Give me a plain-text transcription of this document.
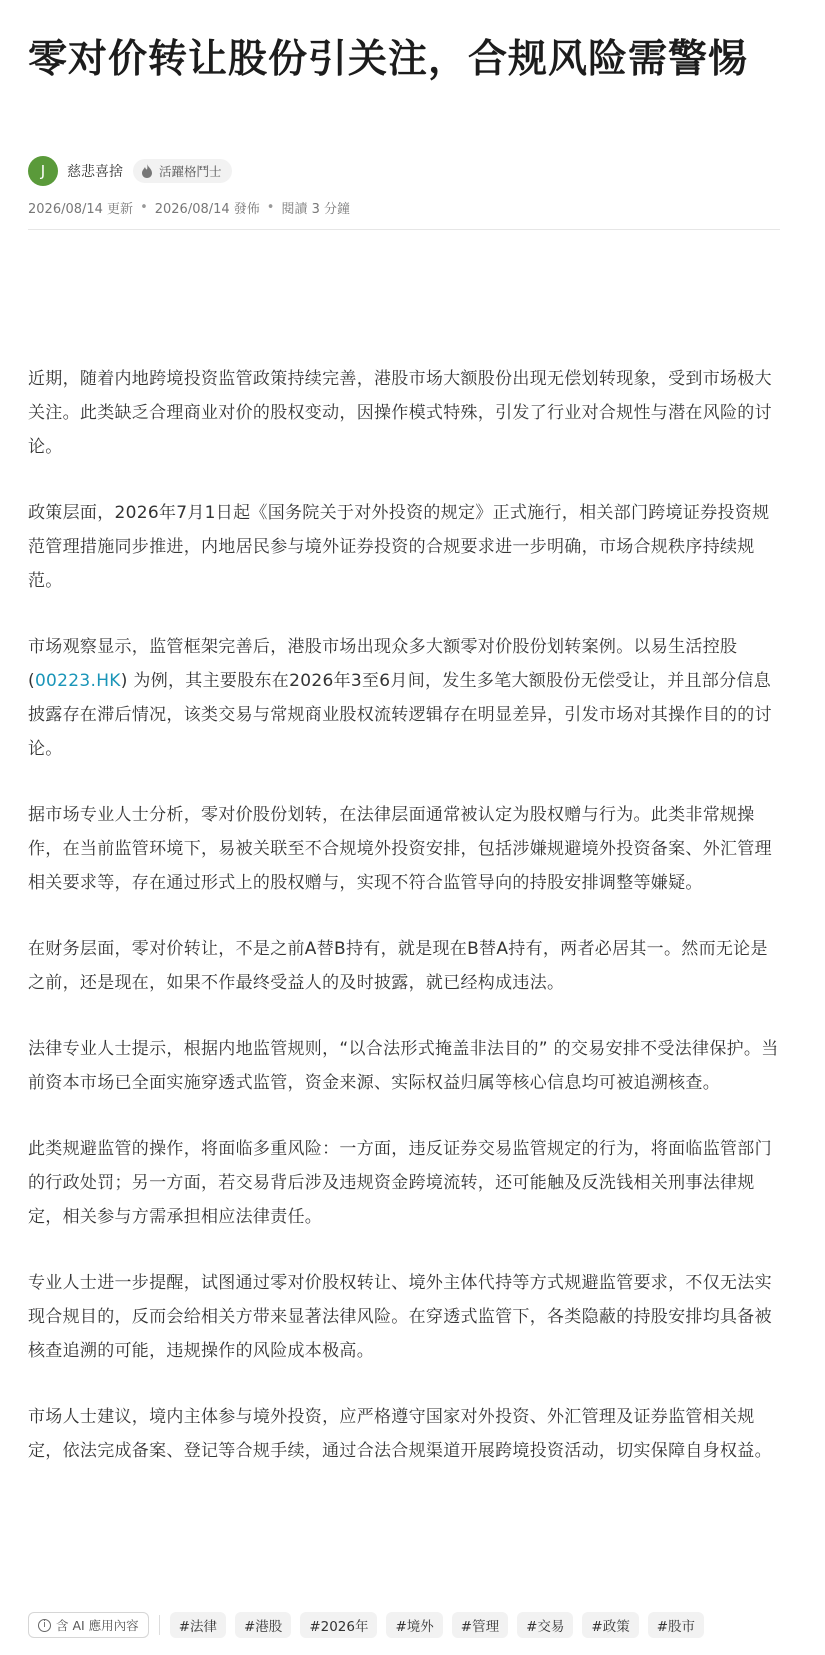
零对价转让股份引关注，合规风险需警惕
J	慈悲喜捨	活躍格鬥士
2026/08/14 更新 • 2026/08/14 發佈 • 閱讀 3 分鐘

近期，随着内地跨境投资监管政策持续完善，港股市场大额股份出现无偿划转现象，受到市场极大关注。此类缺乏合理商业对价的股权变动，因操作模式特殊，引发了行业对合规性与潜在风险的讨论。

政策层面，2026年7月1日起《国务院关于对外投资的规定》正式施行，相关部门跨境证券投资规范管理措施同步推进，内地居民参与境外证券投资的合规要求进一步明确，市场合规秩序持续规范。

市场观察显示，监管框架完善后，港股市场出现众多大额零对价股份划转案例。以易生活控股 (00223.HK) 为例，其主要股东在2026年3至6月间，发生多笔大额股份无偿受让，并且部分信息披露存在滞后情况，该类交易与常规商业股权流转逻辑存在明显差异，引发市场对其操作目的的讨论。

据市场专业人士分析，零对价股份划转，在法律层面通常被认定为股权赠与行为。此类非常规操作，在当前监管环境下，易被关联至不合规境外投资安排，包括涉嫌规避境外投资备案、外汇管理相关要求等，存在通过形式上的股权赠与，实现不符合监管导向的持股安排调整等嫌疑。

在财务层面，零对价转让，不是之前A替B持有，就是现在B替A持有，两者必居其一。然而无论是之前，还是现在，如果不作最终受益人的及时披露，就已经构成违法。

法律专业人士提示，根据内地监管规则，“以合法形式掩盖非法目的” 的交易安排不受法律保护。当前资本市场已全面实施穿透式监管，资金来源、实际权益归属等核心信息均可被追溯核查。

此类规避监管的操作，将面临多重风险：一方面，违反证券交易监管规定的行为，将面临监管部门的行政处罚；另一方面，若交易背后涉及违规资金跨境流转，还可能触及反洗钱相关刑事法律规定，相关参与方需承担相应法律责任。

专业人士进一步提醒，试图通过零对价股权转让、境外主体代持等方式规避监管要求，不仅无法实现合规目的，反而会给相关方带来显著法律风险。在穿透式监管下，各类隐蔽的持股安排均具备被核查追溯的可能，违规操作的风险成本极高。

市场人士建议，境内主体参与境外投资，应严格遵守国家对外投资、外汇管理及证券监管相关规定，依法完成备案、登记等合规手续，通过合法合规渠道开展跨境投资活动，切实保障自身权益。

i 含 AI 應用內容	#法律	#港股	#2026年	#境外	#管理	#交易	#政策	#股市
